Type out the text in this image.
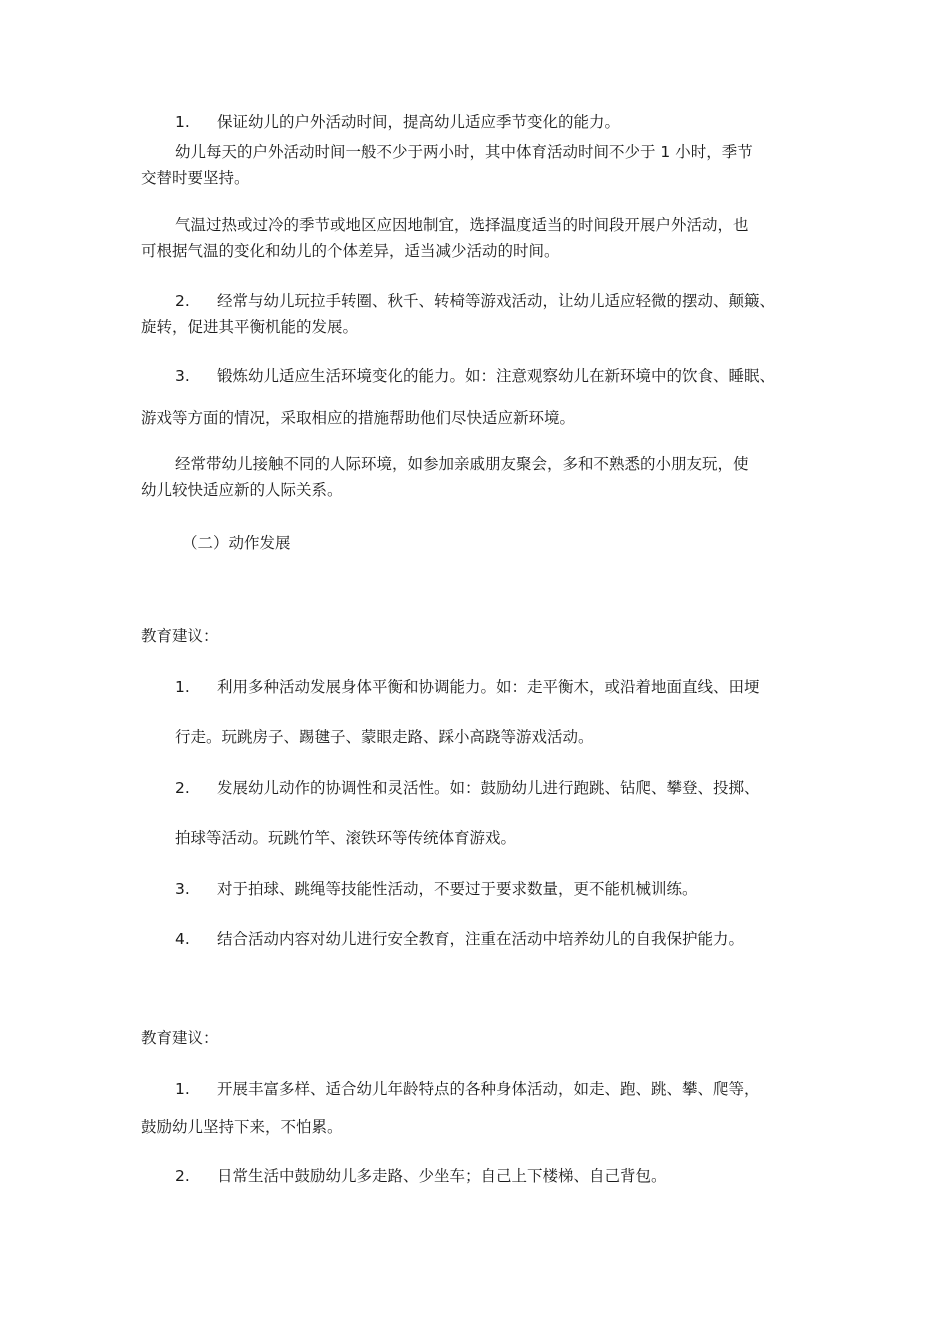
1. 保证幼儿的户外活动时间，提高幼儿适应季节变化的能力。
幼儿每天的户外活动时间一般不少于两小时，其中体育活动时间不少于 1 小时，季节
交替时要坚持。
气温过热或过冷的季节或地区应因地制宜，选择温度适当的时间段开展户外活动，也
可根据气温的变化和幼儿的个体差异，适当减少活动的时间。
2. 经常与幼儿玩拉手转圈、秋千、转椅等游戏活动，让幼儿适应轻微的摆动、颠簸、
旋转，促进其平衡机能的发展。
3. 锻炼幼儿适应生活环境变化的能力。如：注意观察幼儿在新环境中的饮食、睡眠、
游戏等方面的情况，采取相应的措施帮助他们尽快适应新环境。
经常带幼儿接触不同的人际环境，如参加亲戚朋友聚会，多和不熟悉的小朋友玩，使
幼儿较快适应新的人际关系。
（二）动作发展
教育建议：
1. 利用多种活动发展身体平衡和协调能力。如：走平衡木，或沿着地面直线、田埂
行走。玩跳房子、踢毽子、蒙眼走路、踩小高跷等游戏活动。
2. 发展幼儿动作的协调性和灵活性。如：鼓励幼儿进行跑跳、钻爬、攀登、投掷、
拍球等活动。玩跳竹竿、滚铁环等传统体育游戏。
3. 对于拍球、跳绳等技能性活动，不要过于要求数量，更不能机械训练。
4. 结合活动内容对幼儿进行安全教育，注重在活动中培养幼儿的自我保护能力。
教育建议：
1. 开展丰富多样、适合幼儿年龄特点的各种身体活动，如走、跑、跳、攀、爬等，
鼓励幼儿坚持下来，不怕累。
2. 日常生活中鼓励幼儿多走路、少坐车；自己上下楼梯、自己背包。
